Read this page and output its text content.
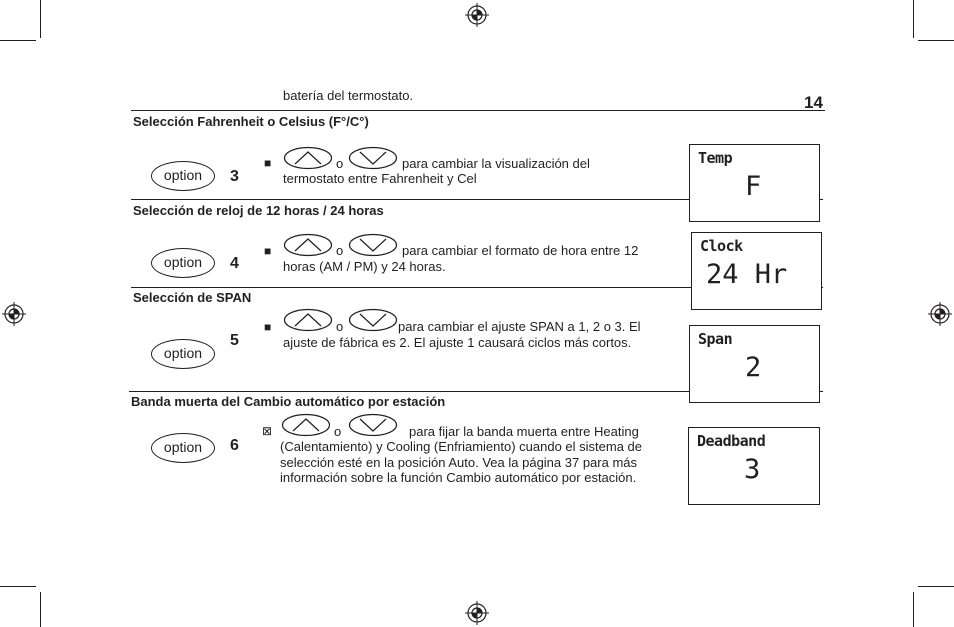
batería del termostato.	14
Selección Fahrenheit o Celsius (F°/C°)
option	3
■	o	para cambiar la visualización del
termostato entre Fahrenheit y Cel
Temp
F
Selección de reloj de 12 horas / 24 horas
option	4
■	o	para cambiar el formato de hora entre 12
horas (AM / PM) y 24 horas.
Clock
24 Hr
Selección de SPAN
option
5
■	o	para cambiar el ajuste SPAN a 1, 2 o 3. El
ajuste de fábrica es 2. El ajuste 1 causará ciclos más cortos.	Span
2
Banda muerta del Cambio automático por estación
option	6
⊠	o	para fijar la banda muerta entre Heating
(Calentamiento) y Cooling (Enfriamiento) cuando el sistema de
selección esté en la posición Auto. Vea la página 37 para más
información sobre la función Cambio automático por estación.
Deadband
3
